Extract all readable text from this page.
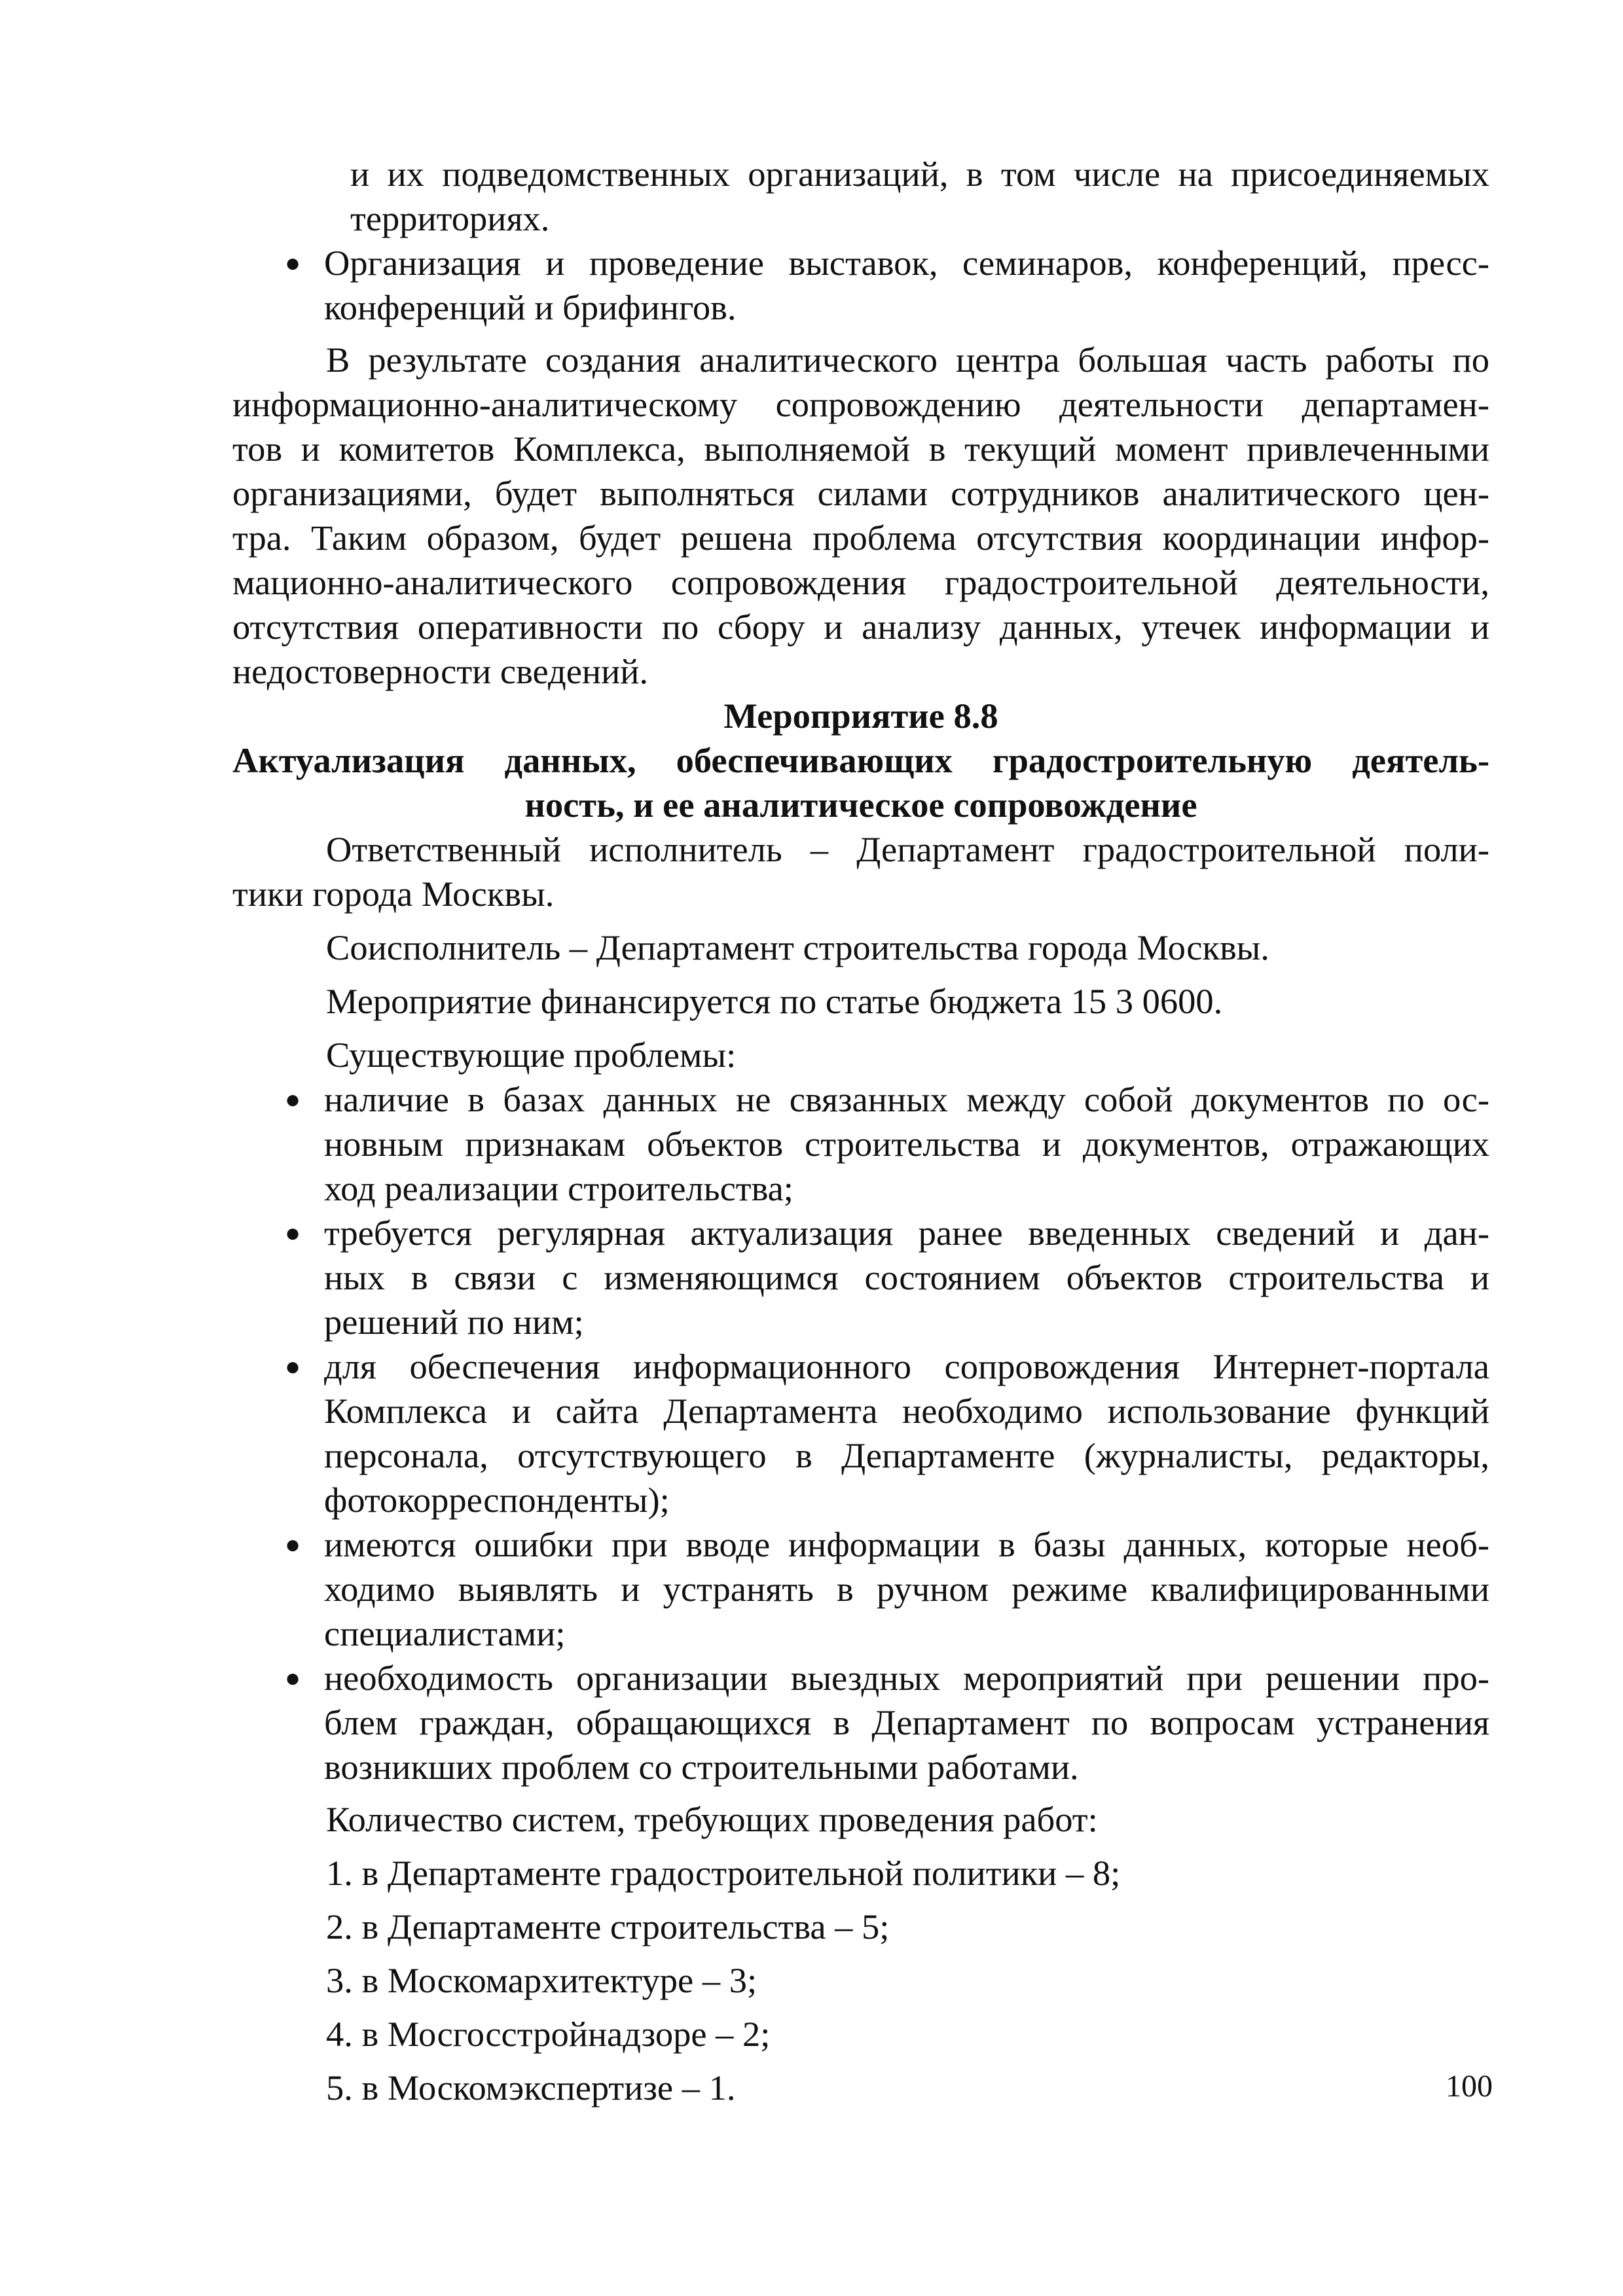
и их подведомственных организаций, в том числе на присоединяемых
территориях.
● Организация и проведение выставок, семинаров, конференций, пресс-
конференций и брифингов.
В результате создания аналитического центра большая часть работы по
информационно-аналитическому сопровождению деятельности департамен-
тов и комитетов Комплекса, выполняемой в текущий момент привлеченными
организациями, будет выполняться силами сотрудников аналитического цен-
тра. Таким образом, будет решена проблема отсутствия координации инфор-
мационно-аналитического сопровождения градостроительной деятельности,
отсутствия оперативности по сбору и анализу данных, утечек информации и
недостоверности сведений.
Мероприятие 8.8
Актуализация данных, обеспечивающих градостроительную деятель-
ность, и ее аналитическое сопровождение
Ответственный исполнитель – Департамент градостроительной поли-
тики города Москвы.
Соисполнитель – Департамент строительства города Москвы.
Мероприятие финансируется по статье бюджета 15 3 0600.
Существующие проблемы:
● наличие в базах данных не связанных между собой документов по ос-
новным признакам объектов строительства и документов, отражающих
ход реализации строительства;
● требуется регулярная актуализация ранее введенных сведений и дан-
ных в связи с изменяющимся состоянием объектов строительства и
решений по ним;
● для обеспечения информационного сопровождения Интернет-портала
Комплекса и сайта Департамента необходимо использование функций
персонала, отсутствующего в Департаменте (журналисты, редакторы,
фотокорреспонденты);
● имеются ошибки при вводе информации в базы данных, которые необ-
ходимо выявлять и устранять в ручном режиме квалифицированными
специалистами;
● необходимость организации выездных мероприятий при решении про-
блем граждан, обращающихся в Департамент по вопросам устранения
возникших проблем со строительными работами.
Количество систем, требующих проведения работ:
1. в Департаменте градостроительной политики – 8;
2. в Департаменте строительства – 5;
3. в Москомархитектуре – 3;
4. в Мосгосстройнадзоре – 2;
5. в Москомэкспертизе – 1.	100
